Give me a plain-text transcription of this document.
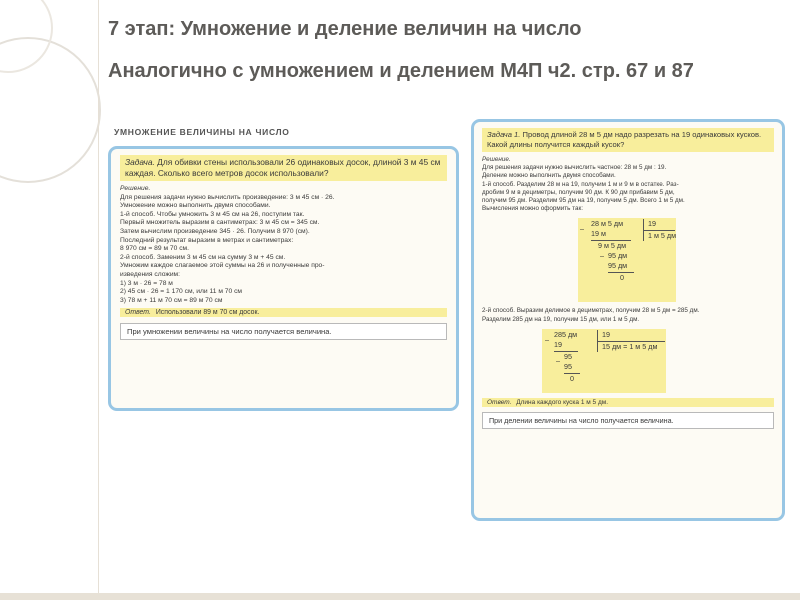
7 этап: Умножение и деление величин на число

Аналогично с умножением и делением М4П ч2. стр. 67 и 87

УМНОЖЕНИЕ ВЕЛИЧИНЫ НА ЧИСЛО
Задача. Для обивки стены использовали 26 одинаковых досок, длиной 3 м 45 см каждая. Сколько всего метров досок использовали?

Решение.

Для решения задачи нужно вычислить произведение: 3 м 45 см · 26.

Умножение можно выполнить двумя способами.

1-й способ. Чтобы умножить 3 м 45 см на 26, поступим так.

Первый множитель выразим в сантиметрах: 3 м 45 см = 345 см.

Затем вычислим произведение 345 · 26. Получим 8 970 (см).

Последний результат выразим в метрах и сантиметрах:

8 970 см = 89 м 70 см.

2-й способ. Заменим 3 м 45 см на сумму 3 м + 45 см.

Умножим каждое слагаемое этой суммы на 26 и полученные про-

изведения сложим:

1) 3 м · 26 = 78 м

2) 45 см · 26 = 1 170 см, или 11 м 70 см

3) 78 м + 11 м 70 см = 89 м 70 см

Ответ. Использовали 89 м 70 см досок.
При умножении величины на число получается величина.
Задача 1. Провод длиной 28 м 5 дм надо разрезать на 19 одинаковых кусков. Какой длины получится каждый кусок?

Решение.

Для решения задачи нужно вычислить частное: 28 м 5 дм : 19.

Деление можно выполнить двумя способами.

1-й способ. Разделим 28 м на 19, получим 1 м и 9 м в остатке. Раз-

дробим 9 м в дециметры, получим 90 дм. К 90 дм прибавим 5 дм,

получим 95 дм. Разделим 95 дм на 19, получим 5 дм. Всего 1 м 5 дм.

Вычисления можно оформить так:

28 м 5 дм	19
–
19 м	1 м 5 дм
9 м 5 дм
– 95 дм
95 дм
0

2-й способ. Выразим делимое в дециметрах, получим 28 м 5 дм = 285 дм.

Разделим 285 дм на 19, получим 15 дм, или 1 м 5 дм.

285 дм	19
–
19	15 дм = 1 м 5 дм
– 95
95
0
Ответ. Длина каждого куска 1 м 5 дм.
При делении величины на число получается величина.
